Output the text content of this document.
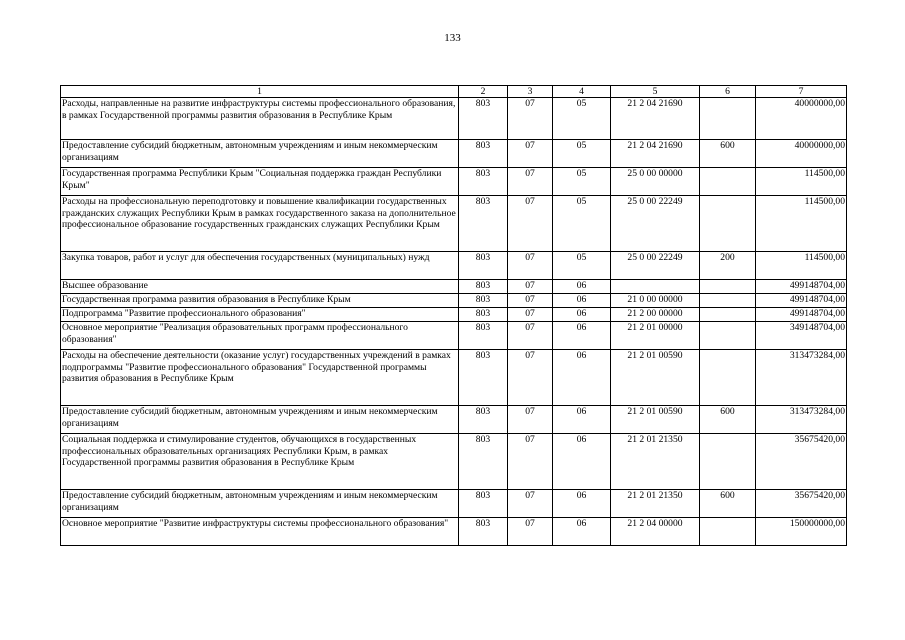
133
1	2	3	4	5	6	7
Расходы, направленные на развитие инфраструктуры системы профессионального образования, в рамках Государственной программы развития образования в Республике Крым	803	07	05	21 2 04 21690		40000000,00
Предоставление субсидий бюджетным, автономным учреждениям и иным некоммерческим организациям	803	07	05	21 2 04 21690	600	40000000,00
Государственная программа Республики Крым "Социальная поддержка граждан Республики Крым"	803	07	05	25 0 00 00000		114500,00
Расходы на профессиональную переподготовку и повышение квалификации государственных гражданских служащих Республики Крым в рамках государственного заказа на дополнительное профессиональное образование государственных гражданских служащих Республики Крым	803	07	05	25 0 00 22249		114500,00
Закупка товаров, работ и услуг для обеспечения государственных (муниципальных) нужд	803	07	05	25 0 00 22249	200	114500,00
Высшее образование	803	07	06			499148704,00
Государственная программа развития образования в Республике Крым	803	07	06	21 0 00 00000		499148704,00
Подпрограмма "Развитие профессионального образования"	803	07	06	21 2 00 00000		499148704,00
Основное мероприятие "Реализация образовательных программ профессионального образования"	803	07	06	21 2 01 00000		349148704,00
Расходы на обеспечение деятельности (оказание услуг) государственных учреждений в рамках подпрограммы "Развитие профессионального образования" Государственной программы развития образования в Республике Крым	803	07	06	21 2 01 00590		313473284,00
Предоставление субсидий бюджетным, автономным учреждениям и иным некоммерческим организациям	803	07	06	21 2 01 00590	600	313473284,00
Социальная поддержка и стимулирование студентов, обучающихся в государственных профессиональных образовательных организациях Республики Крым, в рамках Государственной программы развития образования в Республике Крым	803	07	06	21 2 01 21350		35675420,00
Предоставление субсидий бюджетным, автономным учреждениям и иным некоммерческим организациям	803	07	06	21 2 01 21350	600	35675420,00
Основное мероприятие "Развитие инфраструктуры системы профессионального образования"	803	07	06	21 2 04 00000		150000000,00
